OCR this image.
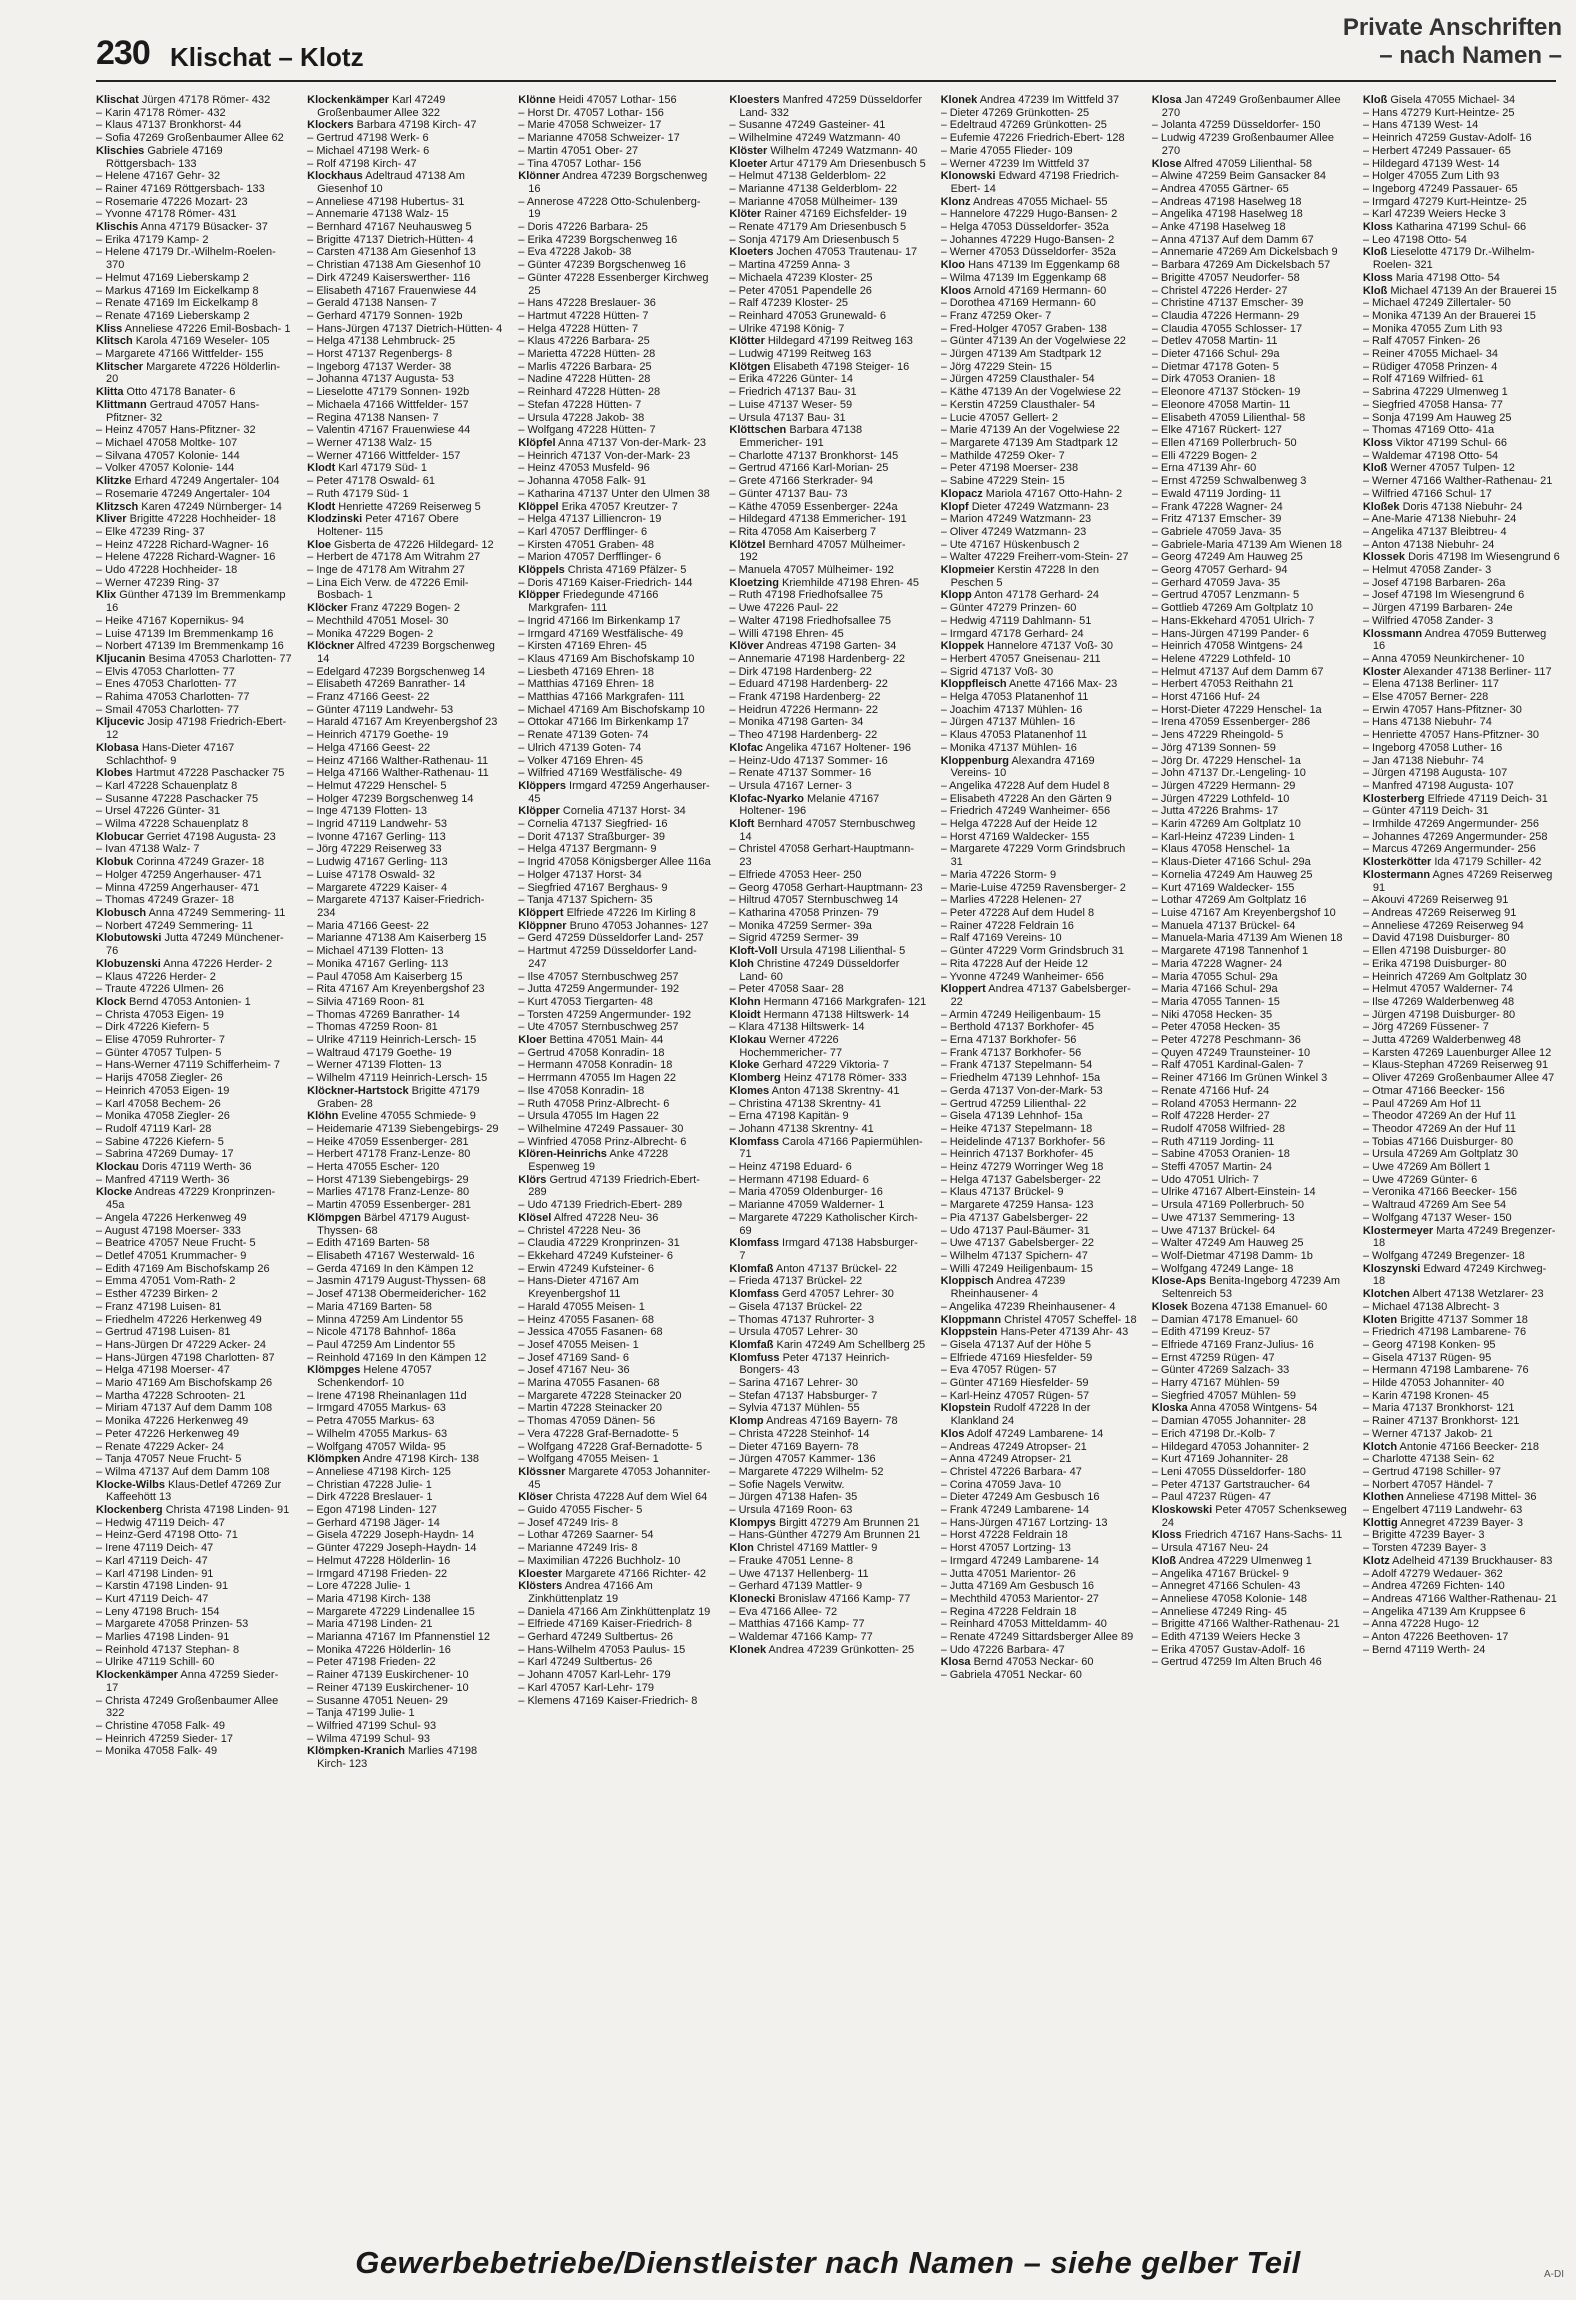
230 Klischat – Klotz
Private Anschriften
– nach Namen –

Klischat Jürgen 47178 Römer- 432

– Karin 47178 Römer- 432

– Klaus 47137 Bronkhorst- 44

– Sofia 47269 Großenbaumer Allee 62

Klischies Gabriele 47169 Röttgersbach- 133

– Helene 47167 Gehr- 32

– Rainer 47169 Röttgersbach- 133

– Rosemarie 47226 Mozart- 23

– Yvonne 47178 Römer- 431

Klischis Anna 47179 Büsacker- 37

– Erika 47179 Kamp- 2

– Helene 47179 Dr.-Wilhelm-Roelen- 370

– Helmut 47169 Lieberskamp 2

– Markus 47169 Im Eickelkamp 8

– Renate 47169 Im Eickelkamp 8

– Renate 47169 Lieberskamp 2

Kliss Anneliese 47226 Emil-Bosbach- 1

Klitsch Karola 47169 Weseler- 105

– Margarete 47166 Wittfelder- 155

Klitscher Margarete 47226 Hölderlin- 20

Klitta Otto 47178 Banater- 6

Klittmann Gertraud 47057 Hans-Pfitzner- 32

– Heinz 47057 Hans-Pfitzner- 32

– Michael 47058 Moltke- 107

– Silvana 47057 Kolonie- 144

– Volker 47057 Kolonie- 144

Klitzke Erhard 47249 Angertaler- 104

– Rosemarie 47249 Angertaler- 104

Klitzsch Karen 47249 Nürnberger- 14

Kliver Brigitte 47228 Hochheider- 18

– Elke 47239 Ring- 37

– Heinz 47228 Richard-Wagner- 16

– Helene 47228 Richard-Wagner- 16

– Udo 47228 Hochheider- 18

– Werner 47239 Ring- 37

Klix Günther 47139 Im Bremmenkamp 16

– Heike 47167 Kopernikus- 94

– Luise 47139 Im Bremmenkamp 16

– Norbert 47139 Im Bremmenkamp 16

Kljucanin Besima 47053 Charlotten- 77

– Elvis 47053 Charlotten- 77

– Enes 47053 Charlotten- 77

– Rahima 47053 Charlotten- 77

– Smail 47053 Charlotten- 77

Kljucevic Josip 47198 Friedrich-Ebert- 12

Klobasa Hans-Dieter 47167 Schlachthof- 9

Klobes Hartmut 47228 Paschacker 75

– Karl 47228 Schauenplatz 8

– Susanne 47228 Paschacker 75

– Ursel 47226 Günter- 31

– Wilma 47228 Schauenplatz 8

Klobucar Gerriet 47198 Augusta- 23

– Ivan 47138 Walz- 7

Klobuk Corinna 47249 Grazer- 18

– Holger 47259 Angerhauser- 471

– Minna 47259 Angerhauser- 471

– Thomas 47249 Grazer- 18

Klobusch Anna 47249 Semmering- 11

– Norbert 47249 Semmering- 11

Klobutowski Jutta 47249 Münchener- 76

Klobuzenski Anna 47226 Herder- 2

– Klaus 47226 Herder- 2

– Traute 47226 Ulmen- 26

Klock Bernd 47053 Antonien- 1

– Christa 47053 Eigen- 19

– Dirk 47226 Kiefern- 5

– Elise 47059 Ruhrorter- 7

– Günter 47057 Tulpen- 5

– Hans-Werner 47119 Schifferheim- 7

– Harijs 47058 Ziegler- 26

– Heinrich 47053 Eigen- 19

– Karl 47058 Bechem- 26

– Monika 47058 Ziegler- 26

– Rudolf 47119 Karl- 28

– Sabine 47226 Kiefern- 5

– Sabrina 47269 Dumay- 17

Klockau Doris 47119 Werth- 36

– Manfred 47119 Werth- 36

Klocke Andreas 47229 Kronprinzen- 45a

– Angela 47226 Herkenweg 49

– August 47198 Moerser- 333

– Beatrice 47057 Neue Frucht- 5

– Detlef 47051 Krummacher- 9

– Edith 47169 Am Bischofskamp 26

– Emma 47051 Vom-Rath- 2

– Esther 47239 Birken- 2

– Franz 47198 Luisen- 81

– Friedhelm 47226 Herkenweg 49

– Gertrud 47198 Luisen- 81

– Hans-Jürgen Dr 47229 Acker- 24

– Hans-Jürgen 47198 Charlotten- 87

– Helga 47198 Moerser- 47

– Mario 47169 Am Bischofskamp 26

– Martha 47228 Schrooten- 21

– Miriam 47137 Auf dem Damm 108

– Monika 47226 Herkenweg 49

– Peter 47226 Herkenweg 49

– Renate 47229 Acker- 24

– Tanja 47057 Neue Frucht- 5

– Wilma 47137 Auf dem Damm 108

Klocke-Wilbs Klaus-Detlef 47269 Zur Kaffeehött 13

Klockenberg Christa 47198 Linden- 91

– Hedwig 47119 Deich- 47

– Heinz-Gerd 47198 Otto- 71

– Irene 47119 Deich- 47

– Karl 47119 Deich- 47

– Karl 47198 Linden- 91

– Karstin 47198 Linden- 91

– Kurt 47119 Deich- 47

– Leny 47198 Bruch- 154

– Margarete 47058 Prinzen- 53

– Marlies 47198 Linden- 91

– Reinhold 47137 Stephan- 8

– Ulrike 47119 Schill- 60

Klockenkämper Anna 47259 Sieder- 17

– Christa 47249 Großenbaumer Allee 322

– Christine 47058 Falk- 49

– Heinrich 47259 Sieder- 17

– Monika 47058 Falk- 49

Klockenkämper Karl 47249 Großenbaumer Allee 322

Klockers Barbara 47198 Kirch- 47

– Gertrud 47198 Werk- 6

– Michael 47198 Werk- 6

– Rolf 47198 Kirch- 47

Klockhaus Adeltraud 47138 Am Giesenhof 10

– Anneliese 47198 Hubertus- 31

– Annemarie 47138 Walz- 15

– Bernhard 47167 Neuhausweg 5

– Brigitte 47137 Dietrich-Hütten- 4

– Carsten 47138 Am Giesenhof 13

– Christian 47138 Am Giesenhof 10

– Dirk 47249 Kaiserswerther- 116

– Elisabeth 47167 Frauenwiese 44

– Gerald 47138 Nansen- 7

– Gerhard 47179 Sonnen- 192b

– Hans-Jürgen 47137 Dietrich-Hütten- 4

– Helga 47138 Lehmbruck- 25

– Horst 47137 Regenbergs- 8

– Ingeborg 47137 Werder- 38

– Johanna 47137 Augusta- 53

– Lieselotte 47179 Sonnen- 192b

– Michaela 47166 Wittfelder- 157

– Regina 47138 Nansen- 7

– Valentin 47167 Frauenwiese 44

– Werner 47138 Walz- 15

– Werner 47166 Wittfelder- 157

Klodt Karl 47179 Süd- 1

– Peter 47178 Oswald- 61

– Ruth 47179 Süd- 1

Klodt Henriette 47269 Reiserweg 5

Klodzinski Peter 47167 Obere Holtener- 115

Kloe Gisberta de 47226 Hildegard- 12

– Herbert de 47178 Am Witrahm 27

– Inge de 47178 Am Witrahm 27

– Lina Eich Verw. de 47226 Emil-Bosbach- 1

Klöcker Franz 47229 Bogen- 2

– Mechthild 47051 Mosel- 30

– Monika 47229 Bogen- 2

Klöckner Alfred 47239 Borgschenweg 14

– Edelgard 47239 Borgschenweg 14

– Elisabeth 47269 Banrather- 14

– Franz 47166 Geest- 22

– Günter 47119 Landwehr- 53

– Harald 47167 Am Kreyenbergshof 23

– Heinrich 47179 Goethe- 19

– Helga 47166 Geest- 22

– Heinz 47166 Walther-Rathenau- 11

– Helga 47166 Walther-Rathenau- 11

– Helmut 47229 Henschel- 5

– Holger 47239 Borgschenweg 14

– Inge 47139 Flotten- 13

– Ingrid 47119 Landwehr- 53

– Ivonne 47167 Gerling- 113

– Jörg 47229 Reiserweg 33

– Ludwig 47167 Gerling- 113

– Luise 47178 Oswald- 32

– Margarete 47229 Kaiser- 4

– Margarete 47137 Kaiser-Friedrich- 234

– Maria 47166 Geest- 22

– Marianne 47138 Am Kaiserberg 15

– Michael 47139 Flotten- 13

– Monika 47167 Gerling- 113

– Paul 47058 Am Kaiserberg 15

– Rita 47167 Am Kreyenbergshof 23

– Silvia 47169 Roon- 81

– Thomas 47269 Banrather- 14

– Thomas 47259 Roon- 81

– Ulrike 47119 Heinrich-Lersch- 15

– Waltraud 47179 Goethe- 19

– Werner 47139 Flotten- 13

– Wilhelm 47119 Heinrich-Lersch- 15

Klöckner-Hartstock Brigitte 47179 Graben- 28

Klöhn Eveline 47055 Schmiede- 9

– Heidemarie 47139 Siebengebirgs- 29

– Heike 47059 Essenberger- 281

– Herbert 47178 Franz-Lenze- 80

– Herta 47055 Escher- 120

– Horst 47139 Siebengebirgs- 29

– Marlies 47178 Franz-Lenze- 80

– Martin 47059 Essenberger- 281

Klömpgen Bärbel 47179 August-Thyssen- 68

– Edith 47169 Barten- 58

– Elisabeth 47167 Westerwald- 16

– Gerda 47169 In den Kämpen 12

– Jasmin 47179 August-Thyssen- 68

– Josef 47138 Obermeidericher- 162

– Maria 47169 Barten- 58

– Minna 47259 Am Lindentor 55

– Nicole 47178 Bahnhof- 186a

– Paul 47259 Am Lindentor 55

– Reinhold 47169 In den Kämpen 12

Klömpges Helene 47057 Schenkendorf- 10

– Irene 47198 Rheinanlagen 11d

– Irmgard 47055 Markus- 63

– Petra 47055 Markus- 63

– Wilhelm 47055 Markus- 63

– Wolfgang 47057 Wilda- 95

Klömpken Andre 47198 Kirch- 138

– Anneliese 47198 Kirch- 125

– Christian 47228 Julie- 1

– Dirk 47228 Breslauer- 1

– Egon 47198 Linden- 127

– Gerhard 47198 Jäger- 14

– Gisela 47229 Joseph-Haydn- 14

– Günter 47229 Joseph-Haydn- 14

– Helmut 47228 Hölderlin- 16

– Irmgard 47198 Frieden- 22

– Lore 47228 Julie- 1

– Maria 47198 Kirch- 138

– Margarete 47229 Lindenallee 15

– Maria 47198 Linden- 21

– Marianna 47167 Im Pfannenstiel 12

– Monika 47226 Hölderlin- 16

– Peter 47198 Frieden- 22

– Rainer 47139 Euskirchener- 10

– Reiner 47139 Euskirchener- 10

– Susanne 47051 Neuen- 29

– Tanja 47199 Julie- 1

– Wilfried 47199 Schul- 93

– Wilma 47199 Schul- 93

Klömpken-Kranich Marlies 47198 Kirch- 123

Klönne Heidi 47057 Lothar- 156

– Horst Dr. 47057 Lothar- 156

– Marie 47058 Schweizer- 17

– Marianne 47058 Schweizer- 17

– Martin 47051 Ober- 27

– Tina 47057 Lothar- 156

Klönner Andrea 47239 Borgschenweg 16

– Annerose 47228 Otto-Schulenberg- 19

– Doris 47226 Barbara- 25

– Erika 47239 Borgschenweg 16

– Eva 47228 Jakob- 38

– Günter 47239 Borgschenweg 16

– Günter 47228 Essenberger Kirchweg 25

– Hans 47228 Breslauer- 36

– Hartmut 47228 Hütten- 7

– Helga 47228 Hütten- 7

– Klaus 47226 Barbara- 25

– Marietta 47228 Hütten- 28

– Marlis 47226 Barbara- 25

– Nadine 47228 Hütten- 28

– Reinhard 47228 Hütten- 28

– Stefan 47228 Hütten- 7

– Ursula 47228 Jakob- 38

– Wolfgang 47228 Hütten- 7

Klöpfel Anna 47137 Von-der-Mark- 23

– Heinrich 47137 Von-der-Mark- 23

– Heinz 47053 Musfeld- 96

– Johanna 47058 Falk- 91

– Katharina 47137 Unter den Ulmen 38

Klöppel Erika 47057 Kreutzer- 7

– Helga 47137 Lilliencron- 19

– Karl 47057 Derfflinger- 6

– Kirsten 47051 Graben- 48

– Marion 47057 Derfflinger- 6

Klöppels Christa 47169 Pfälzer- 5

– Doris 47169 Kaiser-Friedrich- 144

Klöpper Friedegunde 47166 Markgrafen- 111

– Ingrid 47166 Im Birkenkamp 17

– Irmgard 47169 Westfälische- 49

– Kirsten 47169 Ehren- 45

– Klaus 47169 Am Bischofskamp 10

– Liesbeth 47169 Ehren- 18

– Matthias 47169 Ehren- 18

– Matthias 47166 Markgrafen- 111

– Michael 47169 Am Bischofskamp 10

– Ottokar 47166 Im Birkenkamp 17

– Renate 47139 Goten- 74

– Ulrich 47139 Goten- 74

– Volker 47169 Ehren- 45

– Wilfried 47169 Westfälische- 49

Klöppers Irmgard 47259 Angerhauser- 45

Klöpper Cornelia 47137 Horst- 34

– Cornelia 47137 Siegfried- 16

– Dorit 47137 Straßburger- 39

– Helga 47137 Bergmann- 9

– Ingrid 47058 Königsberger Allee 116a

– Holger 47137 Horst- 34

– Siegfried 47167 Berghaus- 9

– Tanja 47137 Spichern- 35

Klöppert Elfriede 47226 Im Kirling 8

Klöppner Bruno 47053 Johannes- 127

– Gerd 47259 Düsseldorfer Land- 257

– Hartmut 47259 Düsseldorfer Land- 247

– Ilse 47057 Sternbuschweg 257

– Jutta 47259 Angermunder- 192

– Kurt 47053 Tiergarten- 48

– Torsten 47259 Angermunder- 192

– Ute 47057 Sternbuschweg 257

Kloer Bettina 47051 Main- 44

– Gertrud 47058 Konradin- 18

– Hermann 47058 Konradin- 18

– Herrmann 47055 Im Hagen 22

– Ilse 47058 Konradin- 18

– Ruth 47058 Prinz-Albrecht- 6

– Ursula 47055 Im Hagen 22

– Wilhelmine 47249 Passauer- 30

– Winfried 47058 Prinz-Albrecht- 6

Klören-Heinrichs Anke 47228 Espenweg 19

Klörs Gertrud 47139 Friedrich-Ebert- 289

– Udo 47139 Friedrich-Ebert- 289

Klösel Alfred 47228 Neu- 36

– Christel 47228 Neu- 36

– Claudia 47229 Kronprinzen- 31

– Ekkehard 47249 Kufsteiner- 6

– Erwin 47249 Kufsteiner- 6

– Hans-Dieter 47167 Am Kreyenbergshof 11

– Harald 47055 Meisen- 1

– Heinz 47055 Fasanen- 68

– Jessica 47055 Fasanen- 68

– Josef 47055 Meisen- 1

– Josef 47169 Sand- 6

– Josef 47167 Neu- 36

– Marina 47055 Fasanen- 68

– Margarete 47228 Steinacker 20

– Martin 47228 Steinacker 20

– Thomas 47059 Dänen- 56

– Vera 47228 Graf-Bernadotte- 5

– Wolfgang 47228 Graf-Bernadotte- 5

– Wolfgang 47055 Meisen- 1

Klössner Margarete 47053 Johanniter- 45

Klöser Christa 47228 Auf dem Wiel 64

– Guido 47055 Fischer- 5

– Josef 47249 Iris- 8

– Lothar 47269 Saarner- 54

– Marianne 47249 Iris- 8

– Maximilian 47226 Buchholz- 10

Kloester Margarete 47166 Richter- 42

Klösters Andrea 47166 Am Zinkhüttenplatz 19

– Daniela 47166 Am Zinkhüttenplatz 19

– Elfriede 47169 Kaiser-Friedrich- 8

– Gerhard 47249 Sultbertus- 26

– Hans-Wilhelm 47053 Paulus- 15

– Karl 47249 Sultbertus- 26

– Johann 47057 Karl-Lehr- 179

– Karl 47057 Karl-Lehr- 179

– Klemens 47169 Kaiser-Friedrich- 8

Kloesters Manfred 47259 Düsseldorfer Land- 332

– Susanne 47249 Gasteiner- 41

– Wilhelmine 47249 Watzmann- 40

Klöster Wilhelm 47249 Watzmann- 40

Kloeter Artur 47179 Am Driesenbusch 5

– Helmut 47138 Gelderblom- 22

– Marianne 47138 Gelderblom- 22

– Marianne 47058 Mülheimer- 139

Klöter Rainer 47169 Eichsfelder- 19

– Renate 47179 Am Driesenbusch 5

– Sonja 47179 Am Driesenbusch 5

Kloeters Jochen 47053 Trautenau- 17

– Martina 47259 Anna- 3

– Michaela 47239 Kloster- 25

– Peter 47051 Papendelle 26

– Ralf 47239 Kloster- 25

– Reinhard 47053 Grunewald- 6

– Ulrike 47198 König- 7

Klötter Hildegard 47199 Reitweg 163

– Ludwig 47199 Reitweg 163

Klötgen Elisabeth 47198 Steiger- 16

– Erika 47226 Günter- 14

– Friedrich 47137 Bau- 31

– Luise 47137 Weser- 59

– Ursula 47137 Bau- 31

Klöttschen Barbara 47138 Emmericher- 191

– Charlotte 47137 Bronkhorst- 145

– Gertrud 47166 Karl-Morian- 25

– Grete 47166 Sterkrader- 94

– Günter 47137 Bau- 73

– Käthe 47059 Essenberger- 224a

– Hildegard 47138 Emmericher- 191

– Rita 47058 Am Kaiserberg 7

Klötzel Bernhard 47057 Mülheimer- 192

– Manuela 47057 Mülheimer- 192

Kloetzing Kriemhilde 47198 Ehren- 45

– Ruth 47198 Friedhofsallee 75

– Uwe 47226 Paul- 22

– Walter 47198 Friedhofsallee 75

– Willi 47198 Ehren- 45

Klöver Andreas 47198 Garten- 34

– Annemarie 47198 Hardenberg- 22

– Dirk 47198 Hardenberg- 22

– Eduard 47198 Hardenberg- 22

– Frank 47198 Hardenberg- 22

– Heidrun 47226 Hermann- 22

– Monika 47198 Garten- 34

– Theo 47198 Hardenberg- 22

Klofac Angelika 47167 Holtener- 196

– Heinz-Udo 47137 Sommer- 16

– Renate 47137 Sommer- 16

– Ursula 47167 Lerner- 3

Klofac-Nyarko Melanie 47167 Holtener- 196

Kloft Bernhard 47057 Sternbuschweg 14

– Christel 47058 Gerhart-Hauptmann- 23

– Elfriede 47053 Heer- 250

– Georg 47058 Gerhart-Hauptmann- 23

– Hiltrud 47057 Sternbuschweg 14

– Katharina 47058 Prinzen- 79

– Monika 47259 Sermer- 39a

– Sigrid 47259 Sermer- 39

Kloft-Voll Ursula 47198 Lilienthal- 5

Kloh Christine 47249 Düsseldorfer Land- 60

– Peter 47058 Saar- 28

Klohn Hermann 47166 Markgrafen- 121

Kloidt Hermann 47138 Hiltswerk- 14

– Klara 47138 Hiltswerk- 14

Klokau Werner 47226 Hochemmericher- 77

Kloke Gerhard 47229 Viktoria- 7

Klomberg Heinz 47178 Römer- 333

Klomes Anton 47138 Skrentny- 41

– Christina 47138 Skrentny- 41

– Erna 47198 Kapitän- 9

– Johann 47138 Skrentny- 41

Klomfass Carola 47166 Papiermühlen- 71

– Heinz 47198 Eduard- 6

– Hermann 47198 Eduard- 6

– Maria 47059 Oldenburger- 16

– Marianne 47059 Walderner- 1

– Margarete 47229 Katholischer Kirch- 69

Klomfass Irmgard 47138 Habsburger- 7

Klomfaß Anton 47137 Brückel- 22

– Frieda 47137 Brückel- 22

Klomfass Gerd 47057 Lehrer- 30

– Gisela 47137 Brückel- 22

– Thomas 47137 Ruhrorter- 3

– Ursula 47057 Lehrer- 30

Klomfaß Karin 47249 Am Schellberg 25

Klomfuss Peter 47137 Heinrich-Bongers- 43

– Sarina 47167 Lehrer- 30

– Stefan 47137 Habsburger- 7

– Sylvia 47137 Mühlen- 55

Klomp Andreas 47169 Bayern- 78

– Christa 47228 Steinhof- 14

– Dieter 47169 Bayern- 78

– Jürgen 47057 Kammer- 136

– Margarete 47229 Wilhelm- 52

– Sofie Nagels Verwitw.

– Jürgen 47138 Hafen- 35

– Ursula 47169 Roon- 63

Klompys Birgitt 47279 Am Brunnen 21

– Hans-Günther 47279 Am Brunnen 21

Klon Christel 47169 Mattler- 9

– Frauke 47051 Lenne- 8

– Uwe 47137 Hellenberg- 11

– Gerhard 47139 Mattler- 9

Klonecki Bronislaw 47166 Kamp- 77

– Eva 47166 Allee- 72

– Matthias 47166 Kamp- 77

– Waldemar 47166 Kamp- 77

Klonek Andrea 47239 Grünkotten- 25

Klonek Andrea 47239 Im Wittfeld 37

– Dieter 47269 Grünkotten- 25

– Edeltraud 47269 Grünkotten- 25

– Eufemie 47226 Friedrich-Ebert- 128

– Marie 47055 Flieder- 109

– Werner 47239 Im Wittfeld 37

Klonowski Edward 47198 Friedrich-Ebert- 14

Klonz Andreas 47055 Michael- 55

– Hannelore 47229 Hugo-Bansen- 2

– Helga 47053 Düsseldorfer- 352a

– Johannes 47229 Hugo-Bansen- 2

– Werner 47053 Düsseldorfer- 352a

Kloo Hans 47139 Im Eggenkamp 68

– Wilma 47139 Im Eggenkamp 68

Kloos Arnold 47169 Hermann- 60

– Dorothea 47169 Hermann- 60

– Franz 47259 Oker- 7

– Fred-Holger 47057 Graben- 138

– Günter 47139 An der Vogelwiese 22

– Jürgen 47139 Am Stadtpark 12

– Jörg 47229 Stein- 15

– Jürgen 47259 Clausthaler- 54

– Käthe 47139 An der Vogelwiese 22

– Kerstin 47259 Clausthaler- 54

– Lucie 47057 Gellert- 2

– Marie 47139 An der Vogelwiese 22

– Margarete 47139 Am Stadtpark 12

– Mathilde 47259 Oker- 7

– Peter 47198 Moerser- 238

– Sabine 47229 Stein- 15

Klopacz Mariola 47167 Otto-Hahn- 2

Klopf Dieter 47249 Watzmann- 23

– Marion 47249 Watzmann- 23

– Oliver 47249 Watzmann- 23

– Ute 47167 Hüskenbusch 2

– Walter 47229 Freiherr-vom-Stein- 27

Klopmeier Kerstin 47228 In den Peschen 5

Klopp Anton 47178 Gerhard- 24

– Günter 47279 Prinzen- 60

– Hedwig 47119 Dahlmann- 51

– Irmgard 47178 Gerhard- 24

Kloppek Hannelore 47137 Voß- 30

– Herbert 47057 Gneisenau- 211

– Sigrid 47137 Voß- 30

Kloppfleisch Anette 47166 Max- 23

– Helga 47053 Platanenhof 11

– Joachim 47137 Mühlen- 16

– Jürgen 47137 Mühlen- 16

– Klaus 47053 Platanenhof 11

– Monika 47137 Mühlen- 16

Kloppenburg Alexandra 47169 Vereins- 10

– Angelika 47228 Auf dem Hudel 8

– Elisabeth 47228 An den Gärten 9

– Friedrich 47249 Wanheimer- 656

– Helga 47228 Auf der Heide 12

– Horst 47169 Waldecker- 155

– Margarete 47229 Vorm Grindsbruch 31

– Maria 47226 Storm- 9

– Marie-Luise 47259 Ravensberger- 2

– Marlies 47228 Helenen- 27

– Peter 47228 Auf dem Hudel 8

– Rainer 47228 Feldrain 16

– Ralf 47169 Vereins- 10

– Günter 47229 Vorm Grindsbruch 31

– Rita 47228 Auf der Heide 12

– Yvonne 47249 Wanheimer- 656

Kloppert Andrea 47137 Gabelsberger- 22

– Armin 47249 Heiligenbaum- 15

– Berthold 47137 Borkhofer- 45

– Erna 47137 Borkhofer- 56

– Frank 47137 Borkhofer- 56

– Frank 47137 Stepelmann- 54

– Friedhelm 47139 Lehnhof- 15a

– Gerda 47137 Von-der-Mark- 53

– Gertrud 47259 Lilienthal- 22

– Gisela 47139 Lehnhof- 15a

– Heike 47137 Stepelmann- 18

– Heidelinde 47137 Borkhofer- 56

– Heinrich 47137 Borkhofer- 45

– Heinz 47279 Worringer Weg 18

– Helga 47137 Gabelsberger- 22

– Klaus 47137 Brückel- 9

– Margarete 47259 Hansa- 123

– Pia 47137 Gabelsberger- 22

– Udo 47137 Paul-Bäumer- 31

– Uwe 47137 Gabelsberger- 22

– Wilhelm 47137 Spichern- 47

– Willi 47249 Heiligenbaum- 15

Kloppisch Andrea 47239 Rheinhausener- 4

– Angelika 47239 Rheinhausener- 4

Kloppmann Christel 47057 Scheffel- 18

Kloppstein Hans-Peter 47139 Ahr- 43

– Gisela 47137 Auf der Höhe 5

– Elfriede 47169 Hiesfelder- 59

– Eva 47057 Rügen- 57

– Günter 47169 Hiesfelder- 59

– Karl-Heinz 47057 Rügen- 57

Klopstein Rudolf 47228 In der Klankland 24

Klos Adolf 47249 Lambarene- 14

– Andreas 47249 Atropser- 21

– Anna 47249 Atropser- 21

– Christel 47226 Barbara- 47

– Corina 47059 Java- 10

– Dieter 47249 Am Gesbusch 16

– Frank 47249 Lambarene- 14

– Hans-Jürgen 47167 Lortzing- 13

– Horst 47228 Feldrain 18

– Horst 47057 Lortzing- 13

– Irmgard 47249 Lambarene- 14

– Jutta 47051 Marientor- 26

– Jutta 47169 Am Gesbusch 16

– Mechthild 47053 Marientor- 27

– Regina 47228 Feldrain 18

– Reinhard 47053 Mitteldamm- 40

– Renate 47249 Sittardsberger Allee 89

– Udo 47226 Barbara- 47

Klosa Bernd 47053 Neckar- 60

– Gabriela 47051 Neckar- 60

Klosa Jan 47249 Großenbaumer Allee 270

– Jolanta 47259 Düsseldorfer- 150

– Ludwig 47239 Großenbaumer Allee 270

Klose Alfred 47059 Lilienthal- 58

– Alwine 47259 Beim Gansacker 84

– Andrea 47055 Gärtner- 65

– Andreas 47198 Haselweg 18

– Angelika 47198 Haselweg 18

– Anke 47198 Haselweg 18

– Anna 47137 Auf dem Damm 67

– Annemarie 47269 Am Dickelsbach 9

– Barbara 47269 Am Dickelsbach 57

– Brigitte 47057 Neudorfer- 58

– Christel 47226 Herder- 27

– Christine 47137 Emscher- 39

– Claudia 47226 Hermann- 29

– Claudia 47055 Schlosser- 17

– Detlev 47058 Martin- 11

– Dieter 47166 Schul- 29a

– Dietmar 47178 Goten- 5

– Dirk 47053 Oranien- 18

– Eleonore 47137 Stöcken- 19

– Eleonore 47058 Martin- 11

– Elisabeth 47059 Lilienthal- 58

– Elke 47167 Rückert- 127

– Ellen 47169 Pollerbruch- 50

– Elli 47229 Bogen- 2

– Erna 47139 Ahr- 60

– Ernst 47259 Schwalbenweg 3

– Ewald 47119 Jording- 11

– Frank 47228 Wagner- 24

– Fritz 47137 Emscher- 39

– Gabriele 47059 Java- 35

– Gabriele-Maria 47139 Am Wienen 18

– Georg 47249 Am Hauweg 25

– Georg 47057 Gerhard- 94

– Gerhard 47059 Java- 35

– Gertrud 47057 Lenzmann- 5

– Gottlieb 47269 Am Goltplatz 10

– Hans-Ekkehard 47051 Ulrich- 7

– Hans-Jürgen 47199 Pander- 6

– Heinrich 47058 Wintgens- 24

– Helene 47229 Lothfeld- 10

– Helmut 47137 Auf dem Damm 67

– Herbert 47053 Reithahn 21

– Horst 47166 Huf- 24

– Horst-Dieter 47229 Henschel- 1a

– Irena 47059 Essenberger- 286

– Jens 47229 Rheingold- 5

– Jörg 47139 Sonnen- 59

– Jörg Dr. 47229 Henschel- 1a

– John 47137 Dr.-Lengeling- 10

– Jürgen 47229 Hermann- 29

– Jürgen 47229 Lothfeld- 10

– Jutta 47226 Brahms- 17

– Karin 47269 Am Goltplatz 10

– Karl-Heinz 47239 Linden- 1

– Klaus 47058 Henschel- 1a

– Klaus-Dieter 47166 Schul- 29a

– Kornelia 47249 Am Hauweg 25

– Kurt 47169 Waldecker- 155

– Lothar 47269 Am Goltplatz 16

– Luise 47167 Am Kreyenbergshof 10

– Manuela 47137 Brückel- 64

– Manuela-Maria 47139 Am Wienen 18

– Margarete 47198 Tannenhof 1

– Maria 47228 Wagner- 24

– Maria 47055 Schul- 29a

– Maria 47166 Schul- 29a

– Maria 47055 Tannen- 15

– Niki 47058 Hecken- 35

– Peter 47058 Hecken- 35

– Peter 47278 Peschmann- 36

– Quyen 47249 Traunsteiner- 10

– Ralf 47051 Kardinal-Galen- 7

– Reiner 47166 Im Grünen Winkel 3

– Renate 47166 Huf- 24

– Roland 47053 Hermann- 22

– Rolf 47228 Herder- 27

– Rudolf 47058 Wilfried- 28

– Ruth 47119 Jording- 11

– Sabine 47053 Oranien- 18

– Steffi 47057 Martin- 24

– Udo 47051 Ulrich- 7

– Ulrike 47167 Albert-Einstein- 14

– Ursula 47169 Pollerbruch- 50

– Uwe 47137 Semmering- 13

– Uwe 47137 Brückel- 64

– Walter 47249 Am Hauweg 25

– Wolf-Dietmar 47198 Damm- 1b

– Wolfgang 47249 Lange- 18

Klose-Aps Benita-Ingeborg 47239 Am Seltenreich 53

Klosek Bozena 47138 Emanuel- 60

– Damian 47178 Emanuel- 60

– Edith 47199 Kreuz- 57

– Elfriede 47169 Franz-Julius- 16

– Ernst 47259 Rügen- 47

– Günter 47269 Salzach- 33

– Harry 47167 Mühlen- 59

– Siegfried 47057 Mühlen- 59

Kloska Anna 47058 Wintgens- 54

– Damian 47055 Johanniter- 28

– Erich 47198 Dr.-Kolb- 7

– Hildegard 47053 Johanniter- 2

– Kurt 47169 Johanniter- 28

– Leni 47055 Düsseldorfer- 180

– Peter 47137 Gartstraucher- 64

– Paul 47237 Rügen- 47

Kloskowski Peter 47057 Schenkseweg 24

Kloss Friedrich 47167 Hans-Sachs- 11

– Ursula 47167 Neu- 24

Kloß Andrea 47229 Ulmenweg 1

– Angelika 47167 Brückel- 9

– Annegret 47166 Schulen- 43

– Anneliese 47058 Kolonie- 148

– Anneliese 47249 Ring- 45

– Brigitte 47166 Walther-Rathenau- 21

– Edith 47139 Weiers Hecke 3

– Erika 47057 Gustav-Adolf- 16

– Gertrud 47259 Im Alten Bruch 46

Kloß Gisela 47055 Michael- 34

– Hans 47279 Kurt-Heintze- 25

– Hans 47139 West- 14

– Heinrich 47259 Gustav-Adolf- 16

– Herbert 47249 Passauer- 65

– Hildegard 47139 West- 14

– Holger 47055 Zum Lith 93

– Ingeborg 47249 Passauer- 65

– Irmgard 47279 Kurt-Heintze- 25

– Karl 47239 Weiers Hecke 3

Kloss Katharina 47199 Schul- 66

– Leo 47198 Otto- 54

Kloß Lieselotte 47179 Dr.-Wilhelm-Roelen- 321

Kloss Maria 47198 Otto- 54

Kloß Michael 47139 An der Brauerei 15

– Michael 47249 Zillertaler- 50

– Monika 47139 An der Brauerei 15

– Monika 47055 Zum Lith 93

– Ralf 47057 Finken- 26

– Reiner 47055 Michael- 34

– Rüdiger 47058 Prinzen- 4

– Rolf 47169 Wilfried- 61

– Sabrina 47229 Ulmenweg 1

– Siegfried 47058 Hansa- 77

– Sonja 47199 Am Hauweg 25

– Thomas 47169 Otto- 41a

Kloss Viktor 47199 Schul- 66

– Waldemar 47198 Otto- 54

Kloß Werner 47057 Tulpen- 12

– Werner 47166 Walther-Rathenau- 21

– Wilfried 47166 Schul- 17

Kloßek Doris 47138 Niebuhr- 24

– Ane-Marie 47138 Niebuhr- 24

– Angelika 47137 Bleibtreu- 4

– Anton 47138 Niebuhr- 24

Klossek Doris 47198 Im Wiesengrund 6

– Helmut 47058 Zander- 3

– Josef 47198 Barbaren- 26a

– Josef 47198 Im Wiesengrund 6

– Jürgen 47199 Barbaren- 24e

– Wilfried 47058 Zander- 3

Klossmann Andrea 47059 Butterweg 16

– Anna 47059 Neunkirchener- 10

Kloster Alexander 47138 Berliner- 117

– Elena 47138 Berliner- 117

– Else 47057 Berner- 228

– Erwin 47057 Hans-Pfitzner- 30

– Hans 47138 Niebuhr- 74

– Henriette 47057 Hans-Pfitzner- 30

– Ingeborg 47058 Luther- 16

– Jan 47138 Niebuhr- 74

– Jürgen 47198 Augusta- 107

– Manfred 47198 Augusta- 107

Klosterberg Elfriede 47119 Deich- 31

– Günter 47119 Deich- 31

– Irmhilde 47269 Angermunder- 256

– Johannes 47269 Angermunder- 258

– Marcus 47269 Angermunder- 256

Klosterkötter Ida 47179 Schiller- 42

Klostermann Agnes 47269 Reiserweg 91

– Akouvi 47269 Reiserweg 91

– Andreas 47269 Reiserweg 91

– Anneliese 47269 Reiserweg 94

– David 47198 Duisburger- 80

– Ellen 47198 Duisburger- 80

– Erika 47198 Duisburger- 80

– Heinrich 47269 Am Goltplatz 30

– Helmut 47057 Walderner- 74

– Ilse 47269 Walderbenweg 48

– Jürgen 47198 Duisburger- 80

– Jörg 47269 Füssener- 7

– Jutta 47269 Walderbenweg 48

– Karsten 47269 Lauenburger Allee 12

– Klaus-Stephan 47269 Reiserweg 91

– Oliver 47269 Großenbaumer Allee 47

– Otmar 47166 Beecker- 156

– Paul 47269 Am Hof 11

– Theodor 47269 An der Huf 11

– Theodor 47269 An der Huf 11

– Tobias 47166 Duisburger- 80

– Ursula 47269 Am Goltplatz 30

– Uwe 47269 Am Böllert 1

– Uwe 47269 Günter- 6

– Veronika 47166 Beecker- 156

– Waltraud 47269 Am See 54

– Wolfgang 47137 Weser- 150

Klostermeyer Marta 47249 Bregenzer- 18

– Wolfgang 47249 Bregenzer- 18

Kloszynski Edward 47249 Kirchweg- 18

Klotchen Albert 47138 Wetzlarer- 23

– Michael 47138 Albrecht- 3

Kloten Brigitte 47137 Sommer 18

– Friedrich 47198 Lambarene- 76

– Georg 47198 Konken- 95

– Gisela 47137 Rügen- 95

– Hermann 47198 Lambarene- 76

– Hilde 47053 Johanniter- 40

– Karin 47198 Kronen- 45

– Maria 47137 Bronkhorst- 121

– Rainer 47137 Bronkhorst- 121

– Werner 47137 Jakob- 21

Klotch Antonie 47166 Beecker- 218

– Charlotte 47138 Sein- 62

– Gertrud 47198 Schiller- 97

– Norbert 47057 Händel- 7

Klothen Anneliese 47198 Mittel- 36

– Engelbert 47119 Landwehr- 63

Klottig Annegret 47239 Bayer- 3

– Brigitte 47239 Bayer- 3

– Torsten 47239 Bayer- 3

Klotz Adelheid 47139 Bruckhauser- 83

– Adolf 47279 Wedauer- 362

– Andrea 47269 Fichten- 140

– Andreas 47166 Walther-Rathenau- 21

– Angelika 47139 Am Kruppsee 6

– Anna 47228 Hugo- 12

– Anton 47226 Beethoven- 17

– Bernd 47119 Werth- 24

Gewerbebetriebe/Dienstleister nach Namen – siehe gelber Teil	A-DI
